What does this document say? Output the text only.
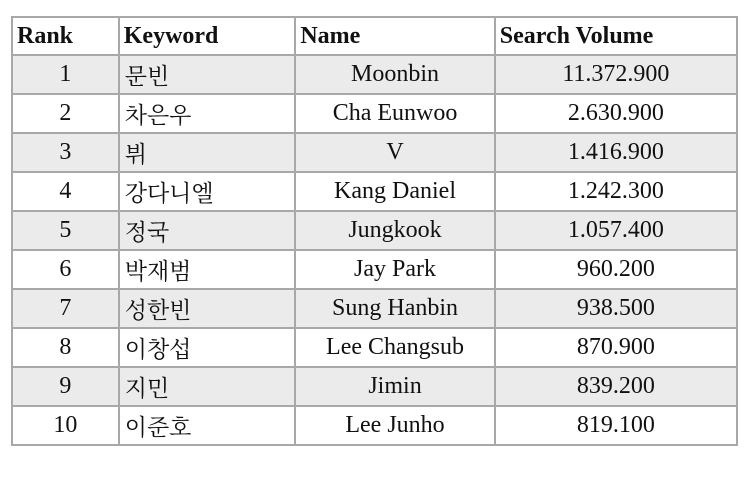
Rank	Keyword	Name	Search Volume
1	문빈	Moonbin	11.372.900
2	차은우	Cha Eunwoo	2.630.900
3	뷔	V	1.416.900
4	강다니엘	Kang Daniel	1.242.300
5	정국	Jungkook	1.057.400
6	박재범	Jay Park	960.200
7	성한빈	Sung Hanbin	938.500
8	이창섭	Lee Changsub	870.900
9	지민	Jimin	839.200
10	이준호	Lee Junho	819.100
